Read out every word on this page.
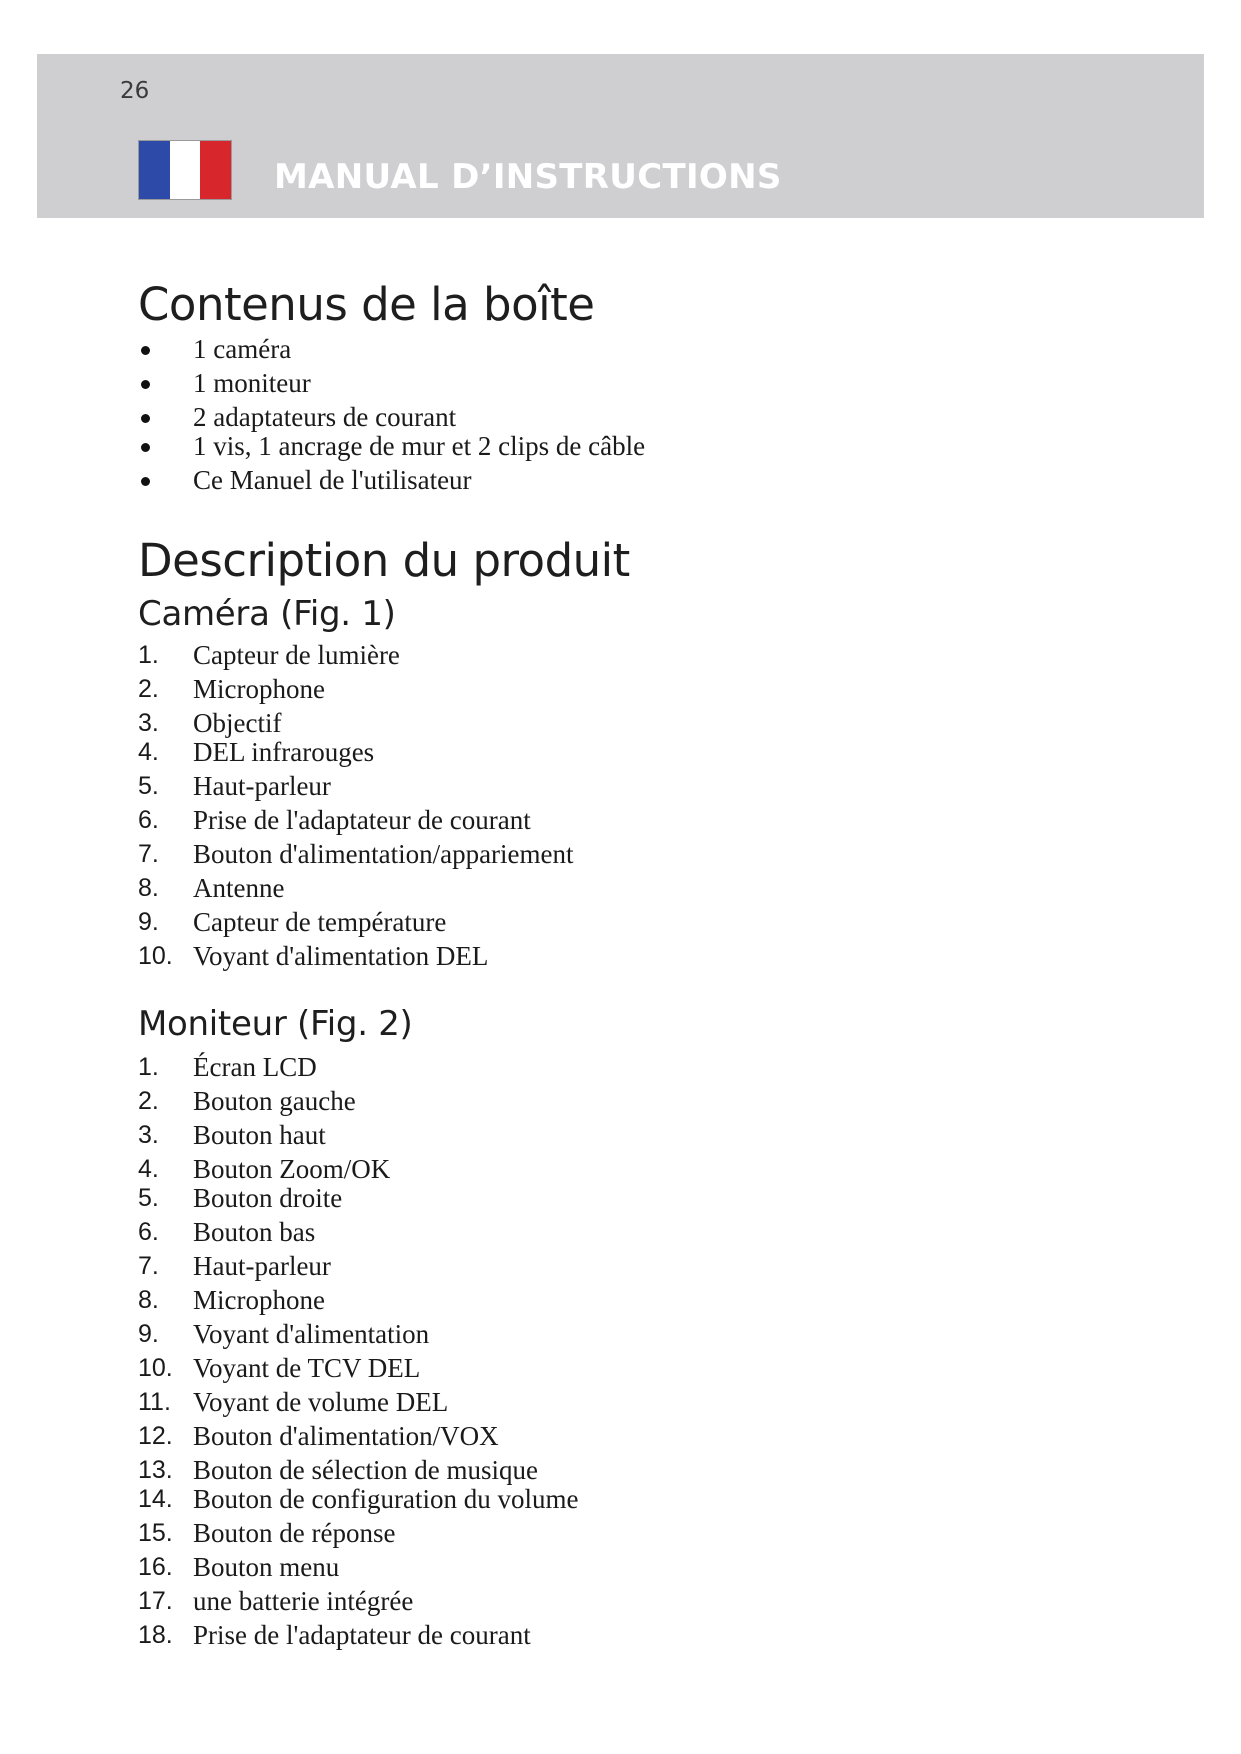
26
MANUAL D’INSTRUCTIONS
Contenus de la boîte
1 caméra
1 moniteur
2 adaptateurs de courant
1 vis, 1 ancrage de mur et 2 clips de câble
Ce Manuel de l'utilisateur
Description du produit
Caméra (Fig. 1)
1. Capteur de lumière
2. Microphone
3. Objectif
4. DEL infrarouges
5. Haut-parleur
6. Prise de l'adaptateur de courant
7. Bouton d'alimentation/appariement
8. Antenne
9. Capteur de température
10. Voyant d'alimentation DEL
Moniteur (Fig. 2)
1. Écran LCD
2. Bouton gauche
3. Bouton haut
4. Bouton Zoom/OK
5. Bouton droite
6. Bouton bas
7. Haut-parleur
8. Microphone
9. Voyant d'alimentation
10. Voyant de TCV DEL
11. Voyant de volume DEL
12. Bouton d'alimentation/VOX
13. Bouton de sélection de musique
14. Bouton de configuration du volume
15. Bouton de réponse
16. Bouton menu
17. une batterie intégrée
18. Prise de l'adaptateur de courant
